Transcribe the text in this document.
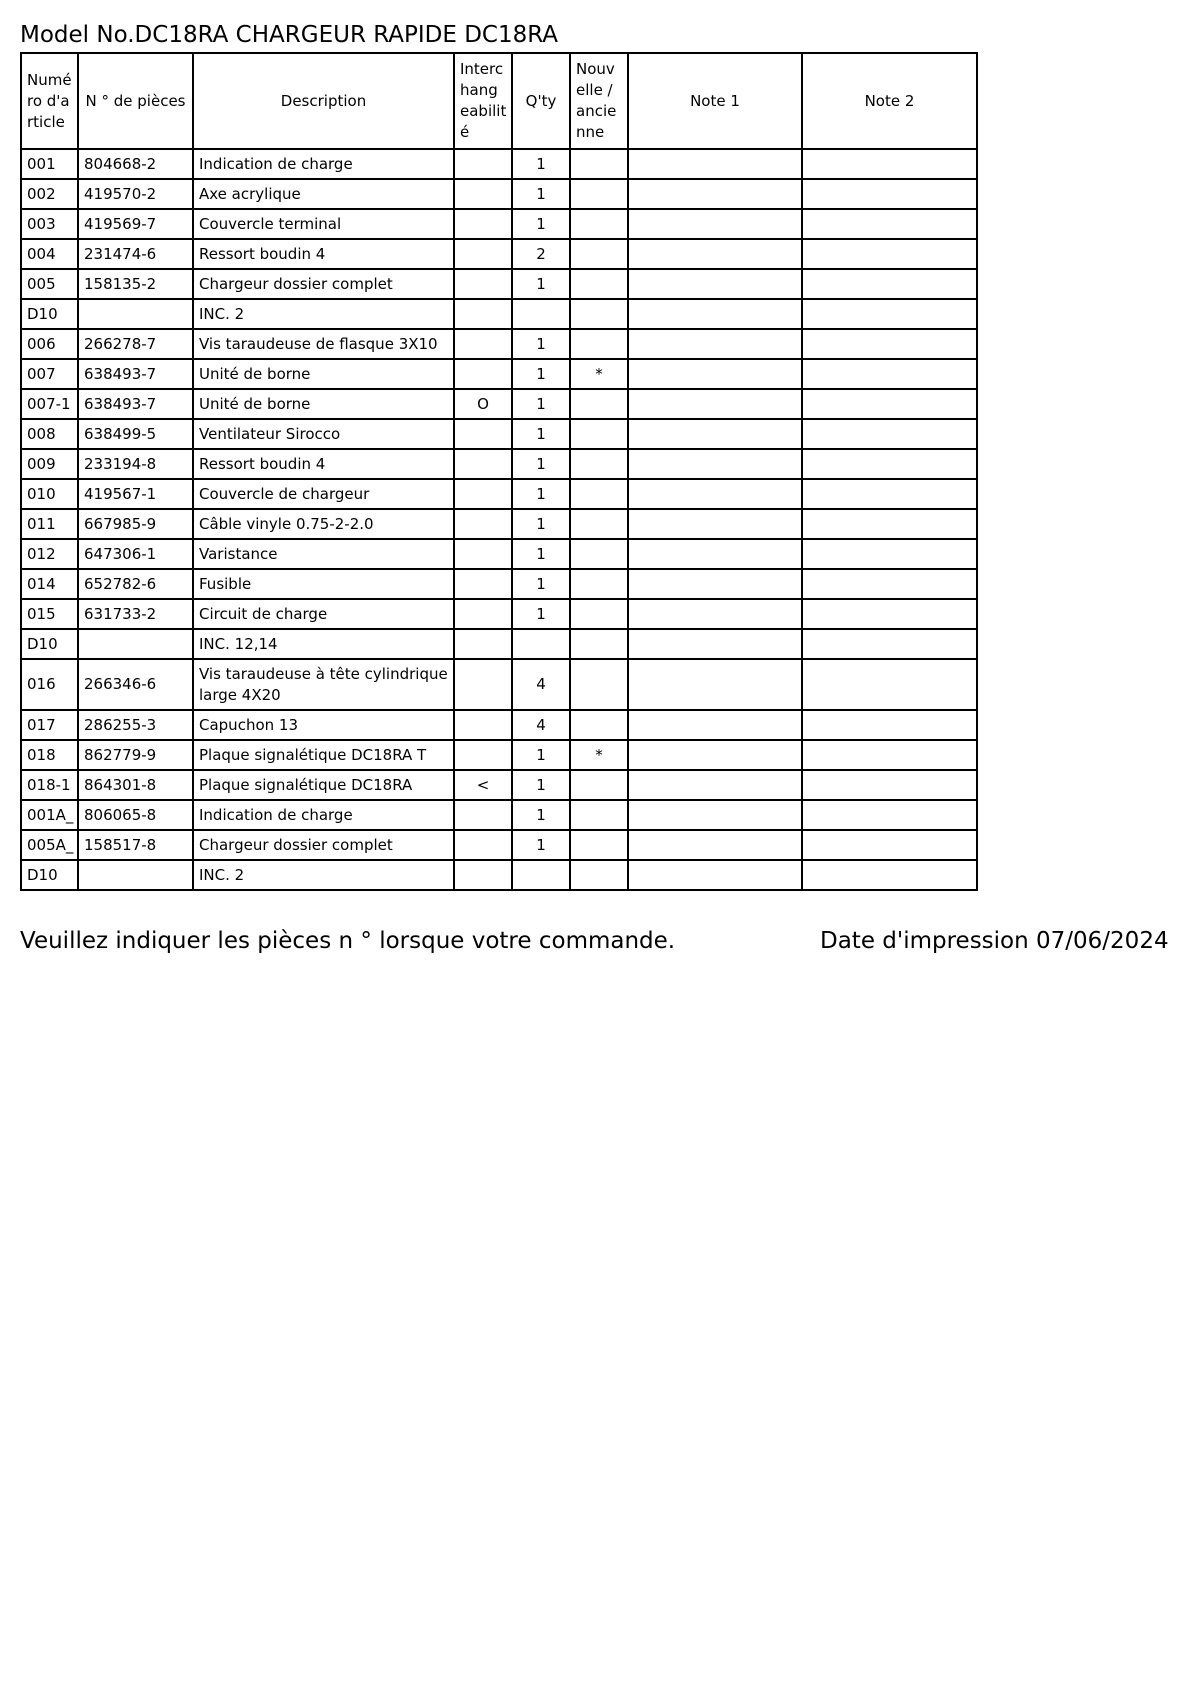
Model No.DC18RA CHARGEUR RAPIDE DC18RA
Numé ro d'a rticle	N ° de pièces	Description	Interc hang eabilit é	Q'ty	Nouv elle / ancie nne	Note 1	Note 2
001	804668-2	Indication de charge		1			
002	419570-2	Axe acrylique		1			
003	419569-7	Couvercle terminal		1			
004	231474-6	Ressort boudin 4		2			
005	158135-2	Chargeur dossier complet		1			
D10		INC. 2					
006	266278-7	Vis taraudeuse de flasque 3X10		1			
007	638493-7	Unité de borne		1	*		
007-1	638493-7	Unité de borne	O	1			
008	638499-5	Ventilateur Sirocco		1			
009	233194-8	Ressort boudin 4		1			
010	419567-1	Couvercle de chargeur		1			
011	667985-9	Câble vinyle 0.75-2-2.0		1			
012	647306-1	Varistance		1			
014	652782-6	Fusible		1			
015	631733-2	Circuit de charge		1			
D10		INC. 12,14					
016	266346-6	Vis taraudeuse à tête cylindrique large 4X20		4			
017	286255-3	Capuchon 13		4			
018	862779-9	Plaque signalétique DC18RA T		1	*		
018-1	864301-8	Plaque signalétique DC18RA	<	1			
001A_	806065-8	Indication de charge		1			
005A_	158517-8	Chargeur dossier complet		1			
D10		INC. 2					
Veuillez indiquer les pièces n ° lorsque votre commande.	Date d'impression 07/06/2024
